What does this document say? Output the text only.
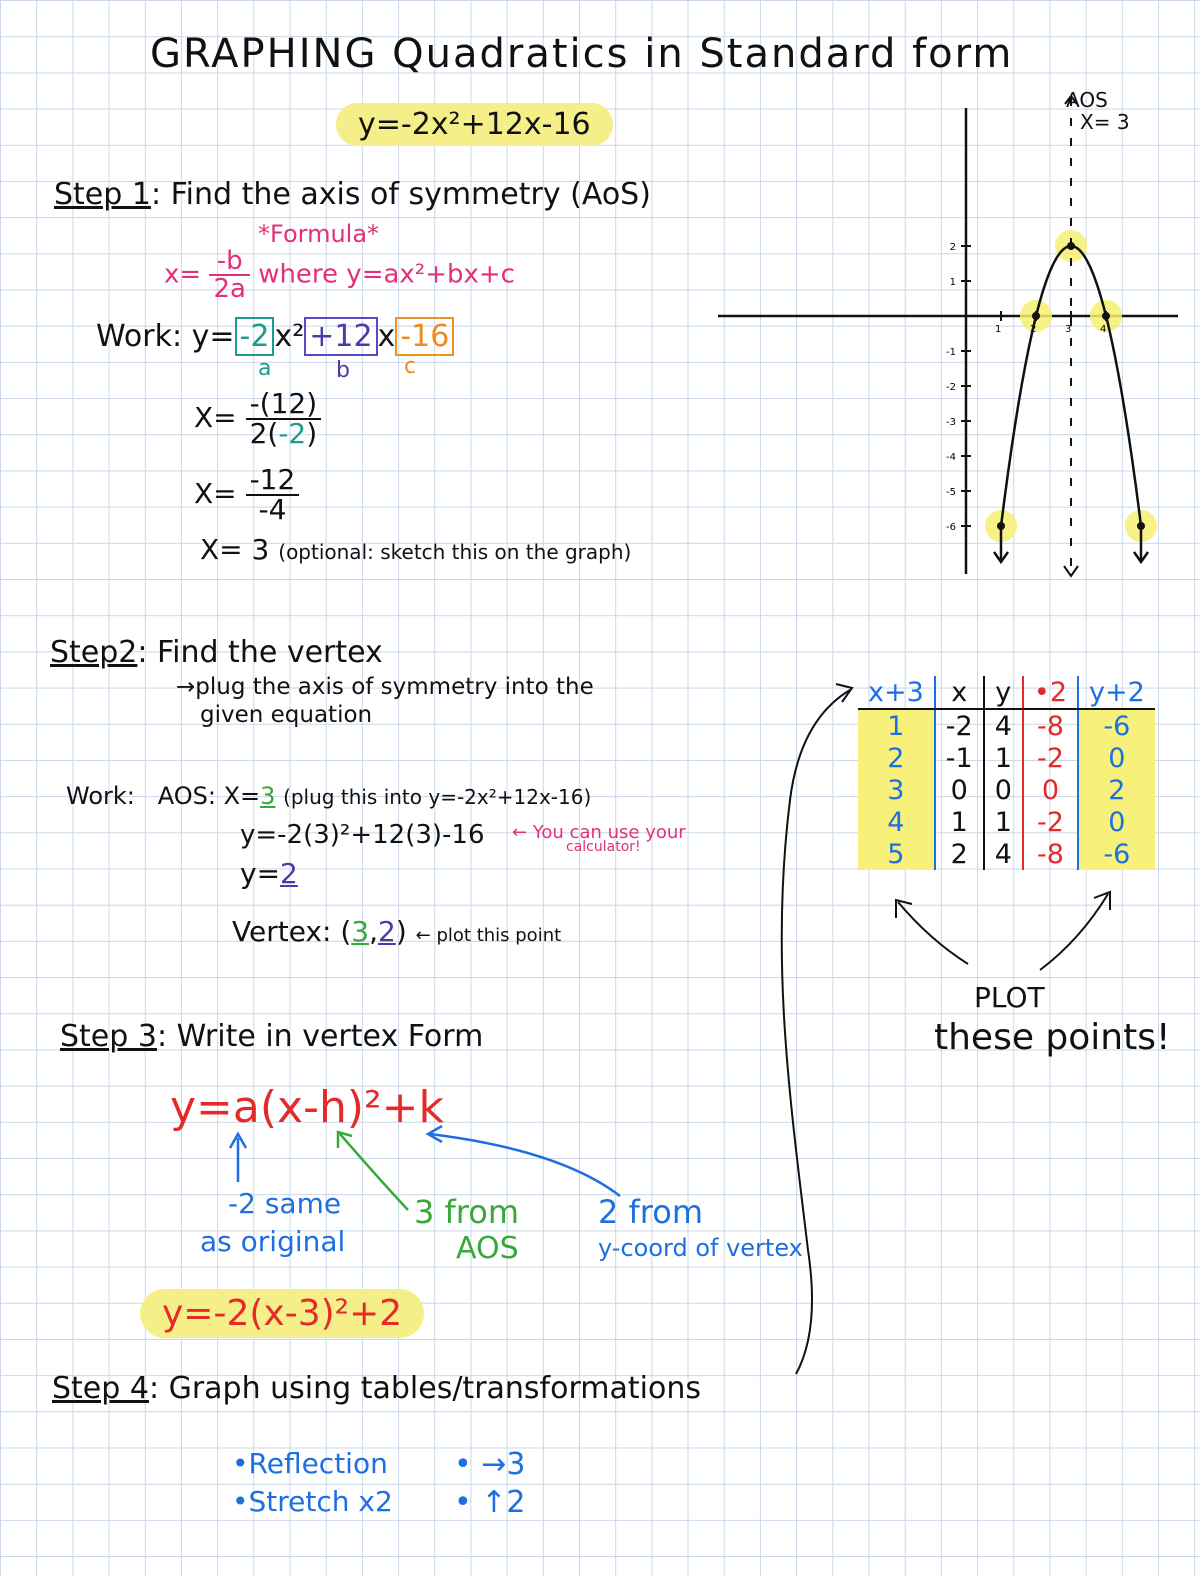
GRAPHING Quadratics in Standard form
y=-2x²+12x-16
Step 1: Find the axis of symmetry (AoS)
*Formula*
$x= \frac{-b}{2a}$ where y=ax²+bx+c
Work: y= -2 x² +12 x -16
a	b c
$X= \frac{-(12)}{2(-2)}$
$X= \frac{-12}{-4}$
X= 3 (optional: sketch this on the graph)
Step2: Find the vertex
→plug the axis of symmetry into the
given equation
Work: AOS: X=3 (plug this into y=-2x²+12x-16)
y=-2(3)²+12(3)-16 ← You can use your
calculator!
y=2
Vertex: (3,2) ← plot this point
Step 3: Write in vertex Form
y=a(x-h)²+k
-2 same
as original
3 from
AOS
2 from
y-coord of vertex
y=-2(x-3)²+2
Step 4: Graph using tables/transformations
•Reflection
•Stretch x2
• →3
• ↑2
2
1
-1
-2
-3
-4
-5
-6
1	2	3	4
AOS
X= 3
x+3	x	y	•2	y+2
1	-2	4	-8	-6
2	-1	1	-2	0
3	0	0	0	2
4	1	1	-2	0
5	2	4	-8	-6
PLOT
these points!
